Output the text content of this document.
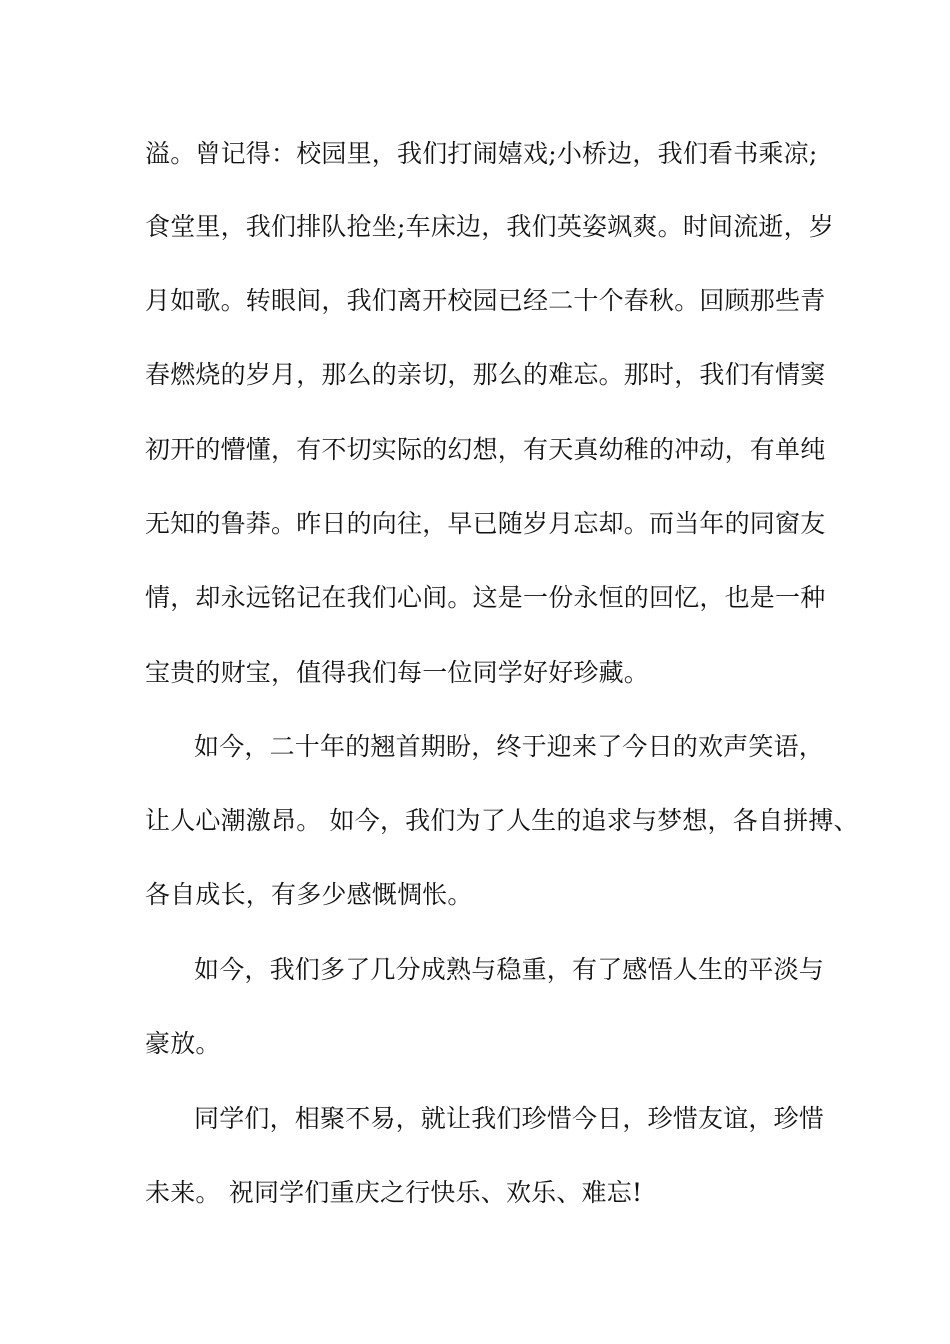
溢。曾记得：校园里，我们打闹嬉戏;小桥边，我们看书乘凉;
食堂里，我们排队抢坐;车床边，我们英姿飒爽。时间流逝，岁
月如歌。转眼间，我们离开校园已经二十个春秋。回顾那些青
春燃烧的岁月，那么的亲切，那么的难忘。那时，我们有情窦
初开的懵懂，有不切实际的幻想，有天真幼稚的冲动，有单纯
无知的鲁莽。昨日的向往，早已随岁月忘却。而当年的同窗友
情，却永远铭记在我们心间。这是一份永恒的回忆，也是一种
宝贵的财宝，值得我们每一位同学好好珍藏。
如今，二十年的翘首期盼，终于迎来了今日的欢声笑语，
让人心潮激昂。 如今，我们为了人生的追求与梦想，各自拼搏、
各自成长，有多少感慨惆怅。
如今，我们多了几分成熟与稳重，有了感悟人生的平淡与
豪放。
同学们，相聚不易，就让我们珍惜今日，珍惜友谊，珍惜
未来。 祝同学们重庆之行快乐、欢乐、难忘!
